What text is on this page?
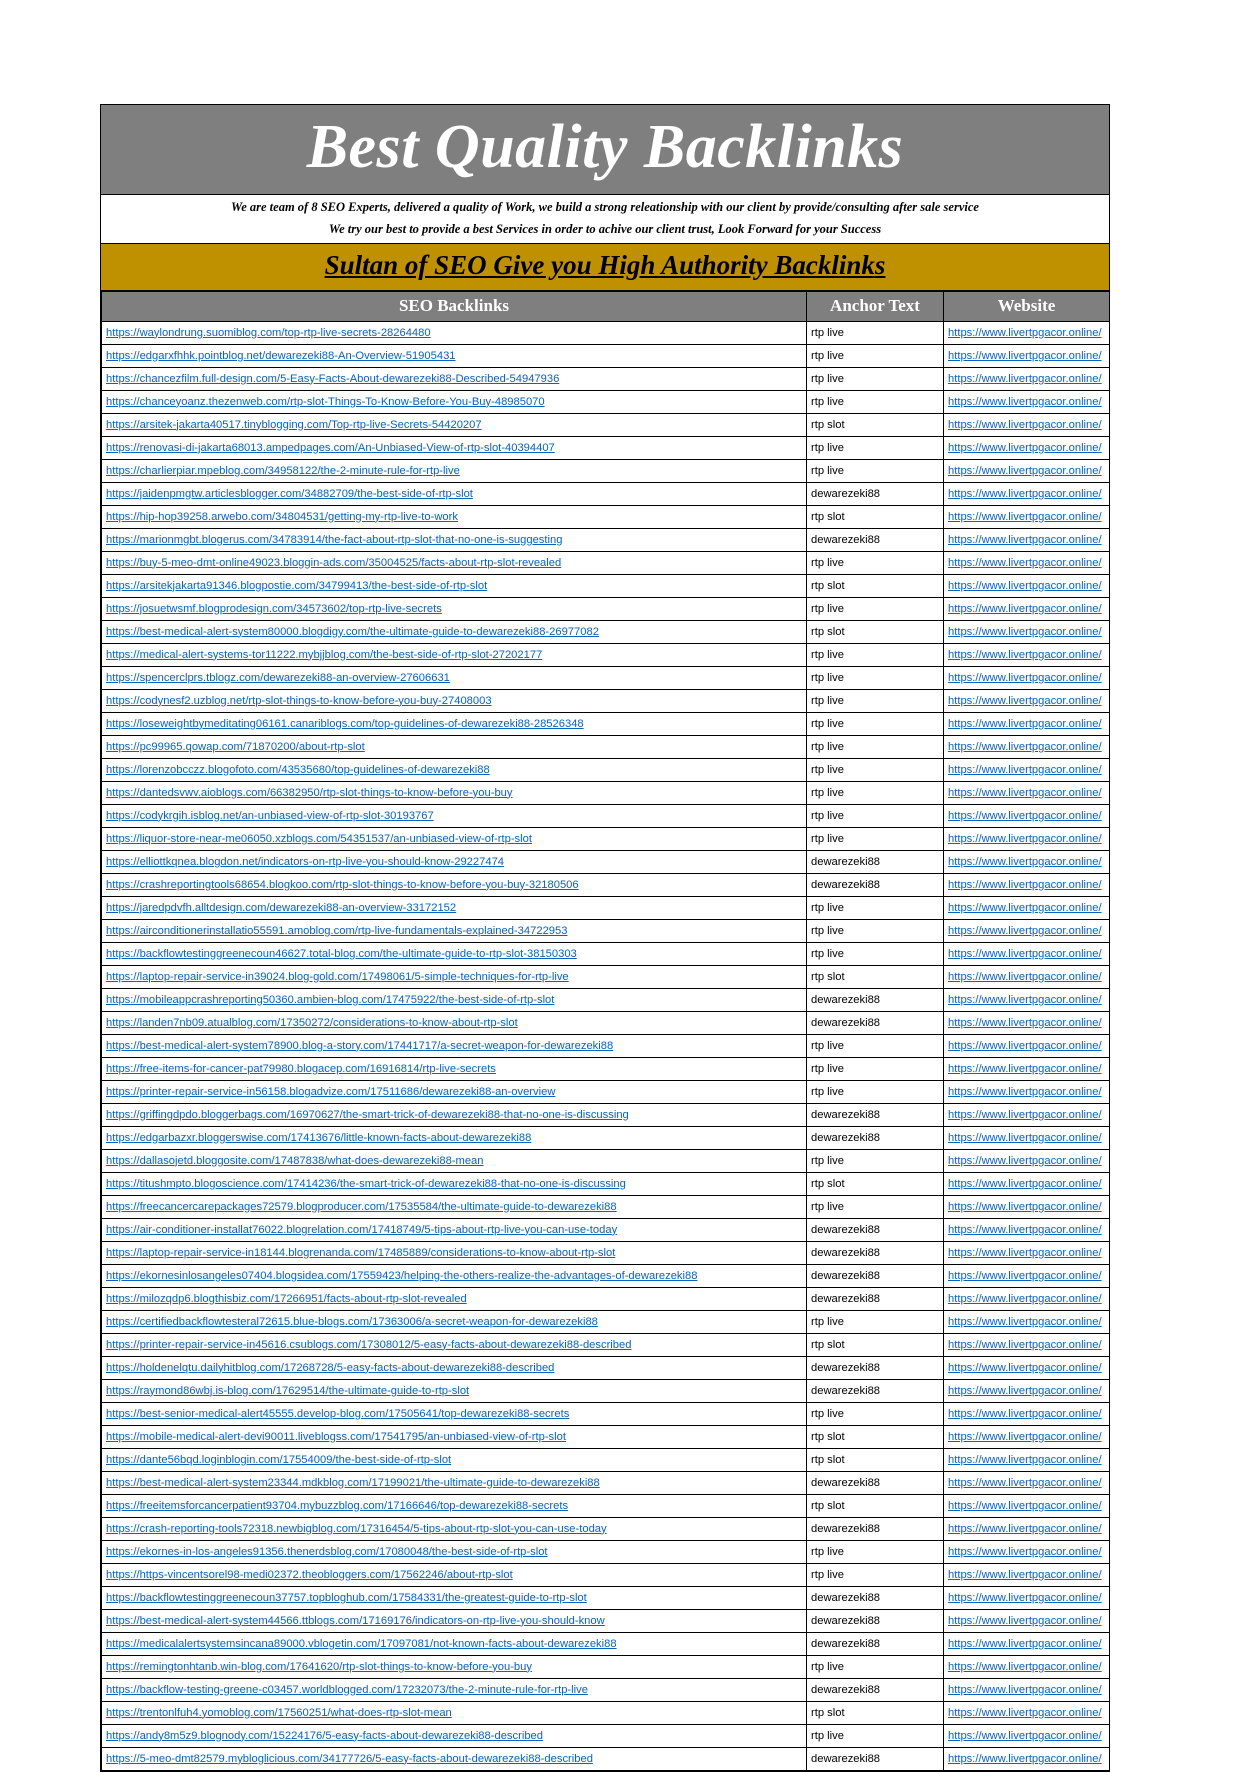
Best Quality Backlinks
We are team of 8 SEO Experts, delivered a quality of Work, we build a strong releationship with our client by provide/consulting after sale service
We try our best to provide a best Services in order to achive our client trust, Look Forward for your Success
Sultan of SEO Give you High Authority Backlinks
SEO Backlinks	Anchor Text	Website
https://waylondrung.suomiblog.com/top-rtp-live-secrets-28264480	rtp live	https://www.livertpgacor.online/
https://edgarxfhhk.pointblog.net/dewarezeki88-An-Overview-51905431	rtp live	https://www.livertpgacor.online/
https://chancezfilm.full-design.com/5-Easy-Facts-About-dewarezeki88-Described-54947936	rtp live	https://www.livertpgacor.online/
https://chanceyoanz.thezenweb.com/rtp-slot-Things-To-Know-Before-You-Buy-48985070	rtp live	https://www.livertpgacor.online/
https://arsitek-jakarta40517.tinyblogging.com/Top-rtp-live-Secrets-54420207	rtp slot	https://www.livertpgacor.online/
https://renovasi-di-jakarta68013.ampedpages.com/An-Unbiased-View-of-rtp-slot-40394407	rtp live	https://www.livertpgacor.online/
https://charlierpiar.mpeblog.com/34958122/the-2-minute-rule-for-rtp-live	rtp live	https://www.livertpgacor.online/
https://jaidenpmgtw.articlesblogger.com/34882709/the-best-side-of-rtp-slot	dewarezeki88	https://www.livertpgacor.online/
https://hip-hop39258.arwebo.com/34804531/getting-my-rtp-live-to-work	rtp slot	https://www.livertpgacor.online/
https://marionmgbt.blogerus.com/34783914/the-fact-about-rtp-slot-that-no-one-is-suggesting	dewarezeki88	https://www.livertpgacor.online/
https://buy-5-meo-dmt-online49023.bloggin-ads.com/35004525/facts-about-rtp-slot-revealed	rtp live	https://www.livertpgacor.online/
https://arsitekjakarta91346.blogpostie.com/34799413/the-best-side-of-rtp-slot	rtp slot	https://www.livertpgacor.online/
https://josuetwsmf.blogprodesign.com/34573602/top-rtp-live-secrets	rtp live	https://www.livertpgacor.online/
https://best-medical-alert-system80000.blogdigy.com/the-ultimate-guide-to-dewarezeki88-26977082	rtp slot	https://www.livertpgacor.online/
https://medical-alert-systems-tor11222.mybjjblog.com/the-best-side-of-rtp-slot-27202177	rtp live	https://www.livertpgacor.online/
https://spencerclprs.tblogz.com/dewarezeki88-an-overview-27606631	rtp live	https://www.livertpgacor.online/
https://codynesf2.uzblog.net/rtp-slot-things-to-know-before-you-buy-27408003	rtp live	https://www.livertpgacor.online/
https://loseweightbymeditating06161.canariblogs.com/top-guidelines-of-dewarezeki88-28526348	rtp live	https://www.livertpgacor.online/
https://pc99965.qowap.com/71870200/about-rtp-slot	rtp live	https://www.livertpgacor.online/
https://lorenzobcczz.blogofoto.com/43535680/top-guidelines-of-dewarezeki88	rtp live	https://www.livertpgacor.online/
https://dantedsvwv.aioblogs.com/66382950/rtp-slot-things-to-know-before-you-buy	rtp live	https://www.livertpgacor.online/
https://codykrgih.isblog.net/an-unbiased-view-of-rtp-slot-30193767	rtp live	https://www.livertpgacor.online/
https://liquor-store-near-me06050.xzblogs.com/54351537/an-unbiased-view-of-rtp-slot	rtp live	https://www.livertpgacor.online/
https://elliottkqnea.blogdon.net/indicators-on-rtp-live-you-should-know-29227474	dewarezeki88	https://www.livertpgacor.online/
https://crashreportingtools68654.blogkoo.com/rtp-slot-things-to-know-before-you-buy-32180506	dewarezeki88	https://www.livertpgacor.online/
https://jaredpdvfh.alltdesign.com/dewarezeki88-an-overview-33172152	rtp live	https://www.livertpgacor.online/
https://airconditionerinstallatio55591.amoblog.com/rtp-live-fundamentals-explained-34722953	rtp live	https://www.livertpgacor.online/
https://backflowtestinggreenecoun46627.total-blog.com/the-ultimate-guide-to-rtp-slot-38150303	rtp live	https://www.livertpgacor.online/
https://laptop-repair-service-in39024.blog-gold.com/17498061/5-simple-techniques-for-rtp-live	rtp slot	https://www.livertpgacor.online/
https://mobileappcrashreporting50360.ambien-blog.com/17475922/the-best-side-of-rtp-slot	dewarezeki88	https://www.livertpgacor.online/
https://landen7nb09.atualblog.com/17350272/considerations-to-know-about-rtp-slot	dewarezeki88	https://www.livertpgacor.online/
https://best-medical-alert-system78900.blog-a-story.com/17441717/a-secret-weapon-for-dewarezeki88	rtp live	https://www.livertpgacor.online/
https://free-items-for-cancer-pat79980.blogacep.com/16916814/rtp-live-secrets	rtp live	https://www.livertpgacor.online/
https://printer-repair-service-in56158.blogadvize.com/17511686/dewarezeki88-an-overview	rtp live	https://www.livertpgacor.online/
https://griffingdpdo.bloggerbags.com/16970627/the-smart-trick-of-dewarezeki88-that-no-one-is-discussing	dewarezeki88	https://www.livertpgacor.online/
https://edgarbazxr.bloggerswise.com/17413676/little-known-facts-about-dewarezeki88	dewarezeki88	https://www.livertpgacor.online/
https://dallasojetd.bloggosite.com/17487838/what-does-dewarezeki88-mean	rtp live	https://www.livertpgacor.online/
https://titushmpto.blogoscience.com/17414236/the-smart-trick-of-dewarezeki88-that-no-one-is-discussing	rtp slot	https://www.livertpgacor.online/
https://freecancercarepackages72579.blogproducer.com/17535584/the-ultimate-guide-to-dewarezeki88	rtp live	https://www.livertpgacor.online/
https://air-conditioner-installat76022.blogrelation.com/17418749/5-tips-about-rtp-live-you-can-use-today	dewarezeki88	https://www.livertpgacor.online/
https://laptop-repair-service-in18144.blogrenanda.com/17485889/considerations-to-know-about-rtp-slot	dewarezeki88	https://www.livertpgacor.online/
https://ekornesinlosangeles07404.blogsidea.com/17559423/helping-the-others-realize-the-advantages-of-dewarezeki88	dewarezeki88	https://www.livertpgacor.online/
https://milozqdp6.blogthisbiz.com/17266951/facts-about-rtp-slot-revealed	dewarezeki88	https://www.livertpgacor.online/
https://certifiedbackflowtesteral72615.blue-blogs.com/17363006/a-secret-weapon-for-dewarezeki88	rtp live	https://www.livertpgacor.online/
https://printer-repair-service-in45616.csublogs.com/17308012/5-easy-facts-about-dewarezeki88-described	rtp slot	https://www.livertpgacor.online/
https://holdenelqtu.dailyhitblog.com/17268728/5-easy-facts-about-dewarezeki88-described	dewarezeki88	https://www.livertpgacor.online/
https://raymond86wbj.is-blog.com/17629514/the-ultimate-guide-to-rtp-slot	dewarezeki88	https://www.livertpgacor.online/
https://best-senior-medical-alert45555.develop-blog.com/17505641/top-dewarezeki88-secrets	rtp live	https://www.livertpgacor.online/
https://mobile-medical-alert-devi90011.liveblogss.com/17541795/an-unbiased-view-of-rtp-slot	rtp slot	https://www.livertpgacor.online/
https://dante56bqd.loginblogin.com/17554009/the-best-side-of-rtp-slot	rtp slot	https://www.livertpgacor.online/
https://best-medical-alert-system23344.mdkblog.com/17199021/the-ultimate-guide-to-dewarezeki88	dewarezeki88	https://www.livertpgacor.online/
https://freeitemsforcancerpatient93704.mybuzzblog.com/17166646/top-dewarezeki88-secrets	rtp slot	https://www.livertpgacor.online/
https://crash-reporting-tools72318.newbigblog.com/17316454/5-tips-about-rtp-slot-you-can-use-today	dewarezeki88	https://www.livertpgacor.online/
https://ekornes-in-los-angeles91356.thenerdsblog.com/17080048/the-best-side-of-rtp-slot	rtp live	https://www.livertpgacor.online/
https://https-vincentsorel98-medi02372.theobloggers.com/17562246/about-rtp-slot	rtp live	https://www.livertpgacor.online/
https://backflowtestinggreenecoun37757.topbloghub.com/17584331/the-greatest-guide-to-rtp-slot	dewarezeki88	https://www.livertpgacor.online/
https://best-medical-alert-system44566.ttblogs.com/17169176/indicators-on-rtp-live-you-should-know	dewarezeki88	https://www.livertpgacor.online/
https://medicalalertsystemsincana89000.vblogetin.com/17097081/not-known-facts-about-dewarezeki88	dewarezeki88	https://www.livertpgacor.online/
https://remingtonhtanb.win-blog.com/17641620/rtp-slot-things-to-know-before-you-buy	rtp live	https://www.livertpgacor.online/
https://backflow-testing-greene-c03457.worldblogged.com/17232073/the-2-minute-rule-for-rtp-live	dewarezeki88	https://www.livertpgacor.online/
https://trentonlfuh4.yomoblog.com/17560251/what-does-rtp-slot-mean	rtp slot	https://www.livertpgacor.online/
https://andy8m5z9.blognody.com/15224176/5-easy-facts-about-dewarezeki88-described	rtp live	https://www.livertpgacor.online/
https://5-meo-dmt82579.mybloglicious.com/34177726/5-easy-facts-about-dewarezeki88-described	dewarezeki88	https://www.livertpgacor.online/
